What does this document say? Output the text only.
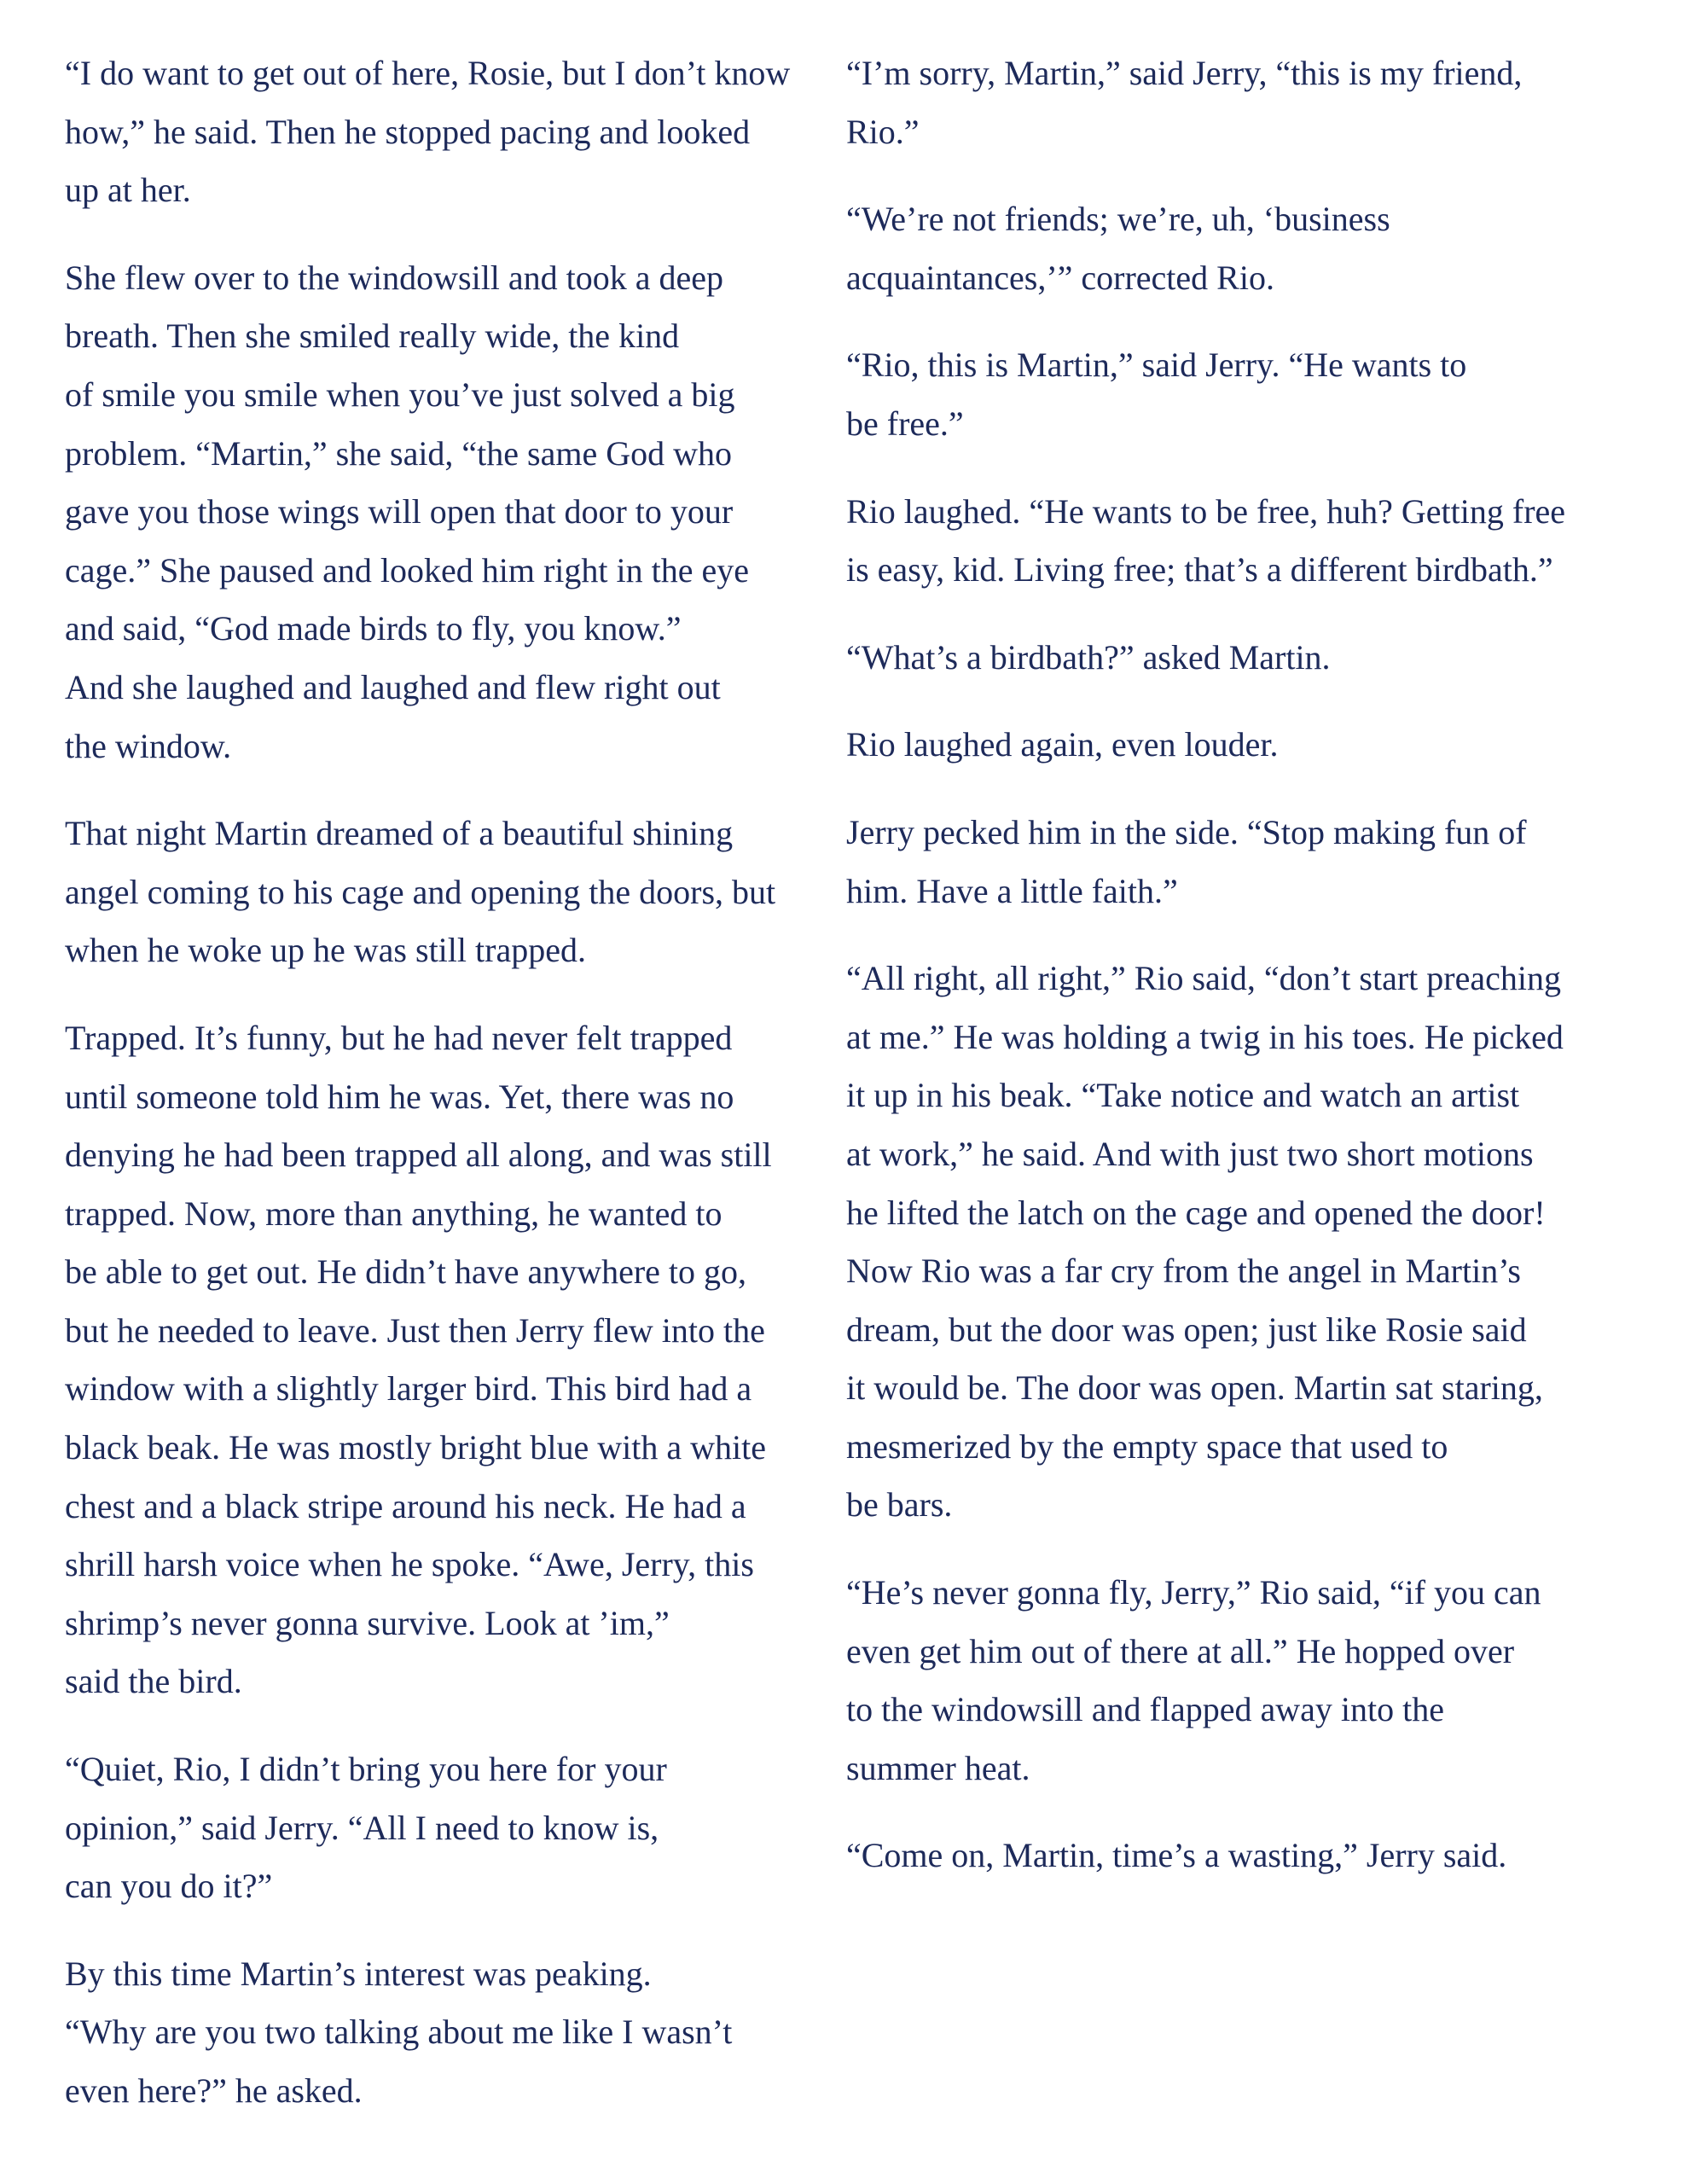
“I do want to get out of here, Rosie, but I don’t know
how,” he said. Then he stopped pacing and looked
up at her.

She flew over to the windowsill and took a deep
breath. Then she smiled really wide, the kind
of smile you smile when you’ve just solved a big
problem. “Martin,” she said, “the same God who
gave you those wings will open that door to your
cage.” She paused and looked him right in the eye
and said, “God made birds to fly, you know.”
And she laughed and laughed and flew right out
the window.

That night Martin dreamed of a beautiful shining
angel coming to his cage and opening the doors, but
when he woke up he was still trapped.

Trapped. It’s funny, but he had never felt trapped
until someone told him he was. Yet, there was no
denying he had been trapped all along, and was still
trapped. Now, more than anything, he wanted to
be able to get out. He didn’t have anywhere to go,
but he needed to leave. Just then Jerry flew into the
window with a slightly larger bird. This bird had a
black beak. He was mostly bright blue with a white
chest and a black stripe around his neck. He had a
shrill harsh voice when he spoke. “Awe, Jerry, this
shrimp’s never gonna survive. Look at ’im,”
said the bird.

“Quiet, Rio, I didn’t bring you here for your
opinion,” said Jerry. “All I need to know is,
can you do it?”

By this time Martin’s interest was peaking.
“Why are you two talking about me like I wasn’t
even here?” he asked.

“I’m sorry, Martin,” said Jerry, “this is my friend,
Rio.”

“We’re not friends; we’re, uh, ‘business
acquaintances,’” corrected Rio.

“Rio, this is Martin,” said Jerry. “He wants to
be free.”

Rio laughed. “He wants to be free, huh? Getting free
is easy, kid. Living free; that’s a different birdbath.”

“What’s a birdbath?” asked Martin.

Rio laughed again, even louder.

Jerry pecked him in the side. “Stop making fun of
him. Have a little faith.”

“All right, all right,” Rio said, “don’t start preaching
at me.” He was holding a twig in his toes. He picked
it up in his beak. “Take notice and watch an artist
at work,” he said. And with just two short motions
he lifted the latch on the cage and opened the door!
Now Rio was a far cry from the angel in Martin’s
dream, but the door was open; just like Rosie said
it would be. The door was open. Martin sat staring,
mesmerized by the empty space that used to
be bars.

“He’s never gonna fly, Jerry,” Rio said, “if you can
even get him out of there at all.” He hopped over
to the windowsill and flapped away into the
summer heat.

“Come on, Martin, time’s a wasting,” Jerry said.
